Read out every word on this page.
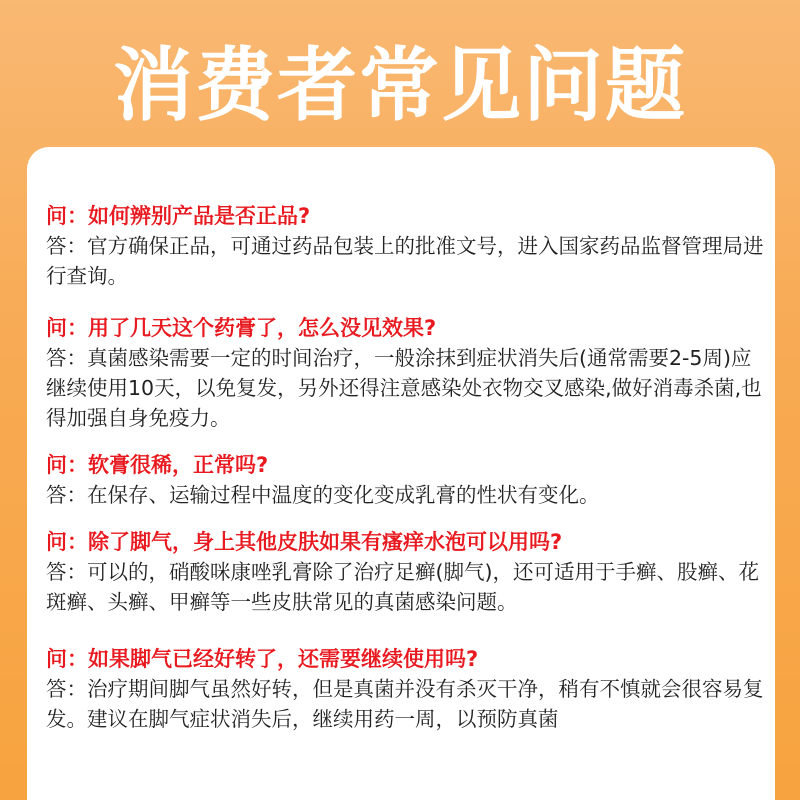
消费者常见问题
问：如何辨别产品是否正品?
答：官方确保正品，可通过药品包装上的批准文号，进入国家药品监督管理局进行查询。
问：用了几天这个药膏了，怎么没见效果?
答：真菌感染需要一定的时间治疗，一般涂抹到症状消失后(通常需要2-5周)应继续使用10天，以免复发，另外还得注意感染处衣物交叉感染,做好消毒杀菌,也得加强自身免疫力。
问：软膏很稀，正常吗?
答：在保存、运输过程中温度的变化变成乳膏的性状有变化。
问：除了脚气，身上其他皮肤如果有瘙痒水泡可以用吗?
答：可以的，硝酸咪康唑乳膏除了治疗足癣(脚气)，还可适用于手癣、股癣、花斑癣、头癣、甲癣等一些皮肤常见的真菌感染问题。
问：如果脚气已经好转了，还需要继续使用吗?
答：治疗期间脚气虽然好转，但是真菌并没有杀灭干净，稍有不慎就会很容易复发。建议在脚气症状消失后，继续用药一周，以预防真菌
